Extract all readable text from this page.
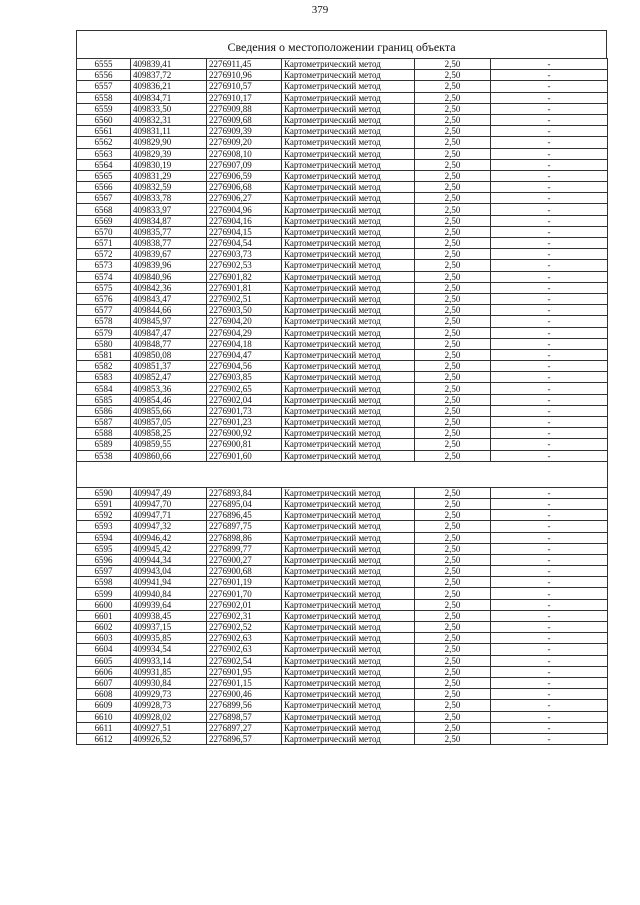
379
Сведения о местоположении границ объекта
6555	409839,41	2276911,45	Картометрический метод	2,50	-
6556	409837,72	2276910,96	Картометрический метод	2,50	-
6557	409836,21	2276910,57	Картометрический метод	2,50	-
6558	409834,71	2276910,17	Картометрический метод	2,50	-
6559	409833,50	2276909,88	Картометрический метод	2,50	-
6560	409832,31	2276909,68	Картометрический метод	2,50	-
6561	409831,11	2276909,39	Картометрический метод	2,50	-
6562	409829,90	2276909,20	Картометрический метод	2,50	-
6563	409829,39	2276908,10	Картометрический метод	2,50	-
6564	409830,19	2276907,09	Картометрический метод	2,50	-
6565	409831,29	2276906,59	Картометрический метод	2,50	-
6566	409832,59	2276906,68	Картометрический метод	2,50	-
6567	409833,78	2276906,27	Картометрический метод	2,50	-
6568	409833,97	2276904,96	Картометрический метод	2,50	-
6569	409834,87	2276904,16	Картометрический метод	2,50	-
6570	409835,77	2276904,15	Картометрический метод	2,50	-
6571	409838,77	2276904,54	Картометрический метод	2,50	-
6572	409839,67	2276903,73	Картометрический метод	2,50	-
6573	409839,96	2276902,53	Картометрический метод	2,50	-
6574	409840,96	2276901,82	Картометрический метод	2,50	-
6575	409842,36	2276901,81	Картометрический метод	2,50	-
6576	409843,47	2276902,51	Картометрический метод	2,50	-
6577	409844,66	2276903,50	Картометрический метод	2,50	-
6578	409845,97	2276904,20	Картометрический метод	2,50	-
6579	409847,47	2276904,29	Картометрический метод	2,50	-
6580	409848,77	2276904,18	Картометрический метод	2,50	-
6581	409850,08	2276904,47	Картометрический метод	2,50	-
6582	409851,37	2276904,56	Картометрический метод	2,50	-
6583	409852,47	2276903,85	Картометрический метод	2,50	-
6584	409853,36	2276902,65	Картометрический метод	2,50	-
6585	409854,46	2276902,04	Картометрический метод	2,50	-
6586	409855,66	2276901,73	Картометрический метод	2,50	-
6587	409857,05	2276901,23	Картометрический метод	2,50	-
6588	409858,25	2276900,92	Картометрический метод	2,50	-
6589	409859,55	2276900,81	Картометрический метод	2,50	-
6538	409860,66	2276901,60	Картометрический метод	2,50	-

6590	409947,49	2276893,84	Картометрический метод	2,50	-
6591	409947,70	2276895,04	Картометрический метод	2,50	-
6592	409947,71	2276896,45	Картометрический метод	2,50	-
6593	409947,32	2276897,75	Картометрический метод	2,50	-
6594	409946,42	2276898,86	Картометрический метод	2,50	-
6595	409945,42	2276899,77	Картометрический метод	2,50	-
6596	409944,34	2276900,27	Картометрический метод	2,50	-
6597	409943,04	2276900,68	Картометрический метод	2,50	-
6598	409941,94	2276901,19	Картометрический метод	2,50	-
6599	409940,84	2276901,70	Картометрический метод	2,50	-
6600	409939,64	2276902,01	Картометрический метод	2,50	-
6601	409938,45	2276902,31	Картометрический метод	2,50	-
6602	409937,15	2276902,52	Картометрический метод	2,50	-
6603	409935,85	2276902,63	Картометрический метод	2,50	-
6604	409934,54	2276902,63	Картометрический метод	2,50	-
6605	409933,14	2276902,54	Картометрический метод	2,50	-
6606	409931,85	2276901,95	Картометрический метод	2,50	-
6607	409930,84	2276901,15	Картометрический метод	2,50	-
6608	409929,73	2276900,46	Картометрический метод	2,50	-
6609	409928,73	2276899,56	Картометрический метод	2,50	-
6610	409928,02	2276898,57	Картометрический метод	2,50	-
6611	409927,51	2276897,27	Картометрический метод	2,50	-
6612	409926,52	2276896,57	Картометрический метод	2,50	-
